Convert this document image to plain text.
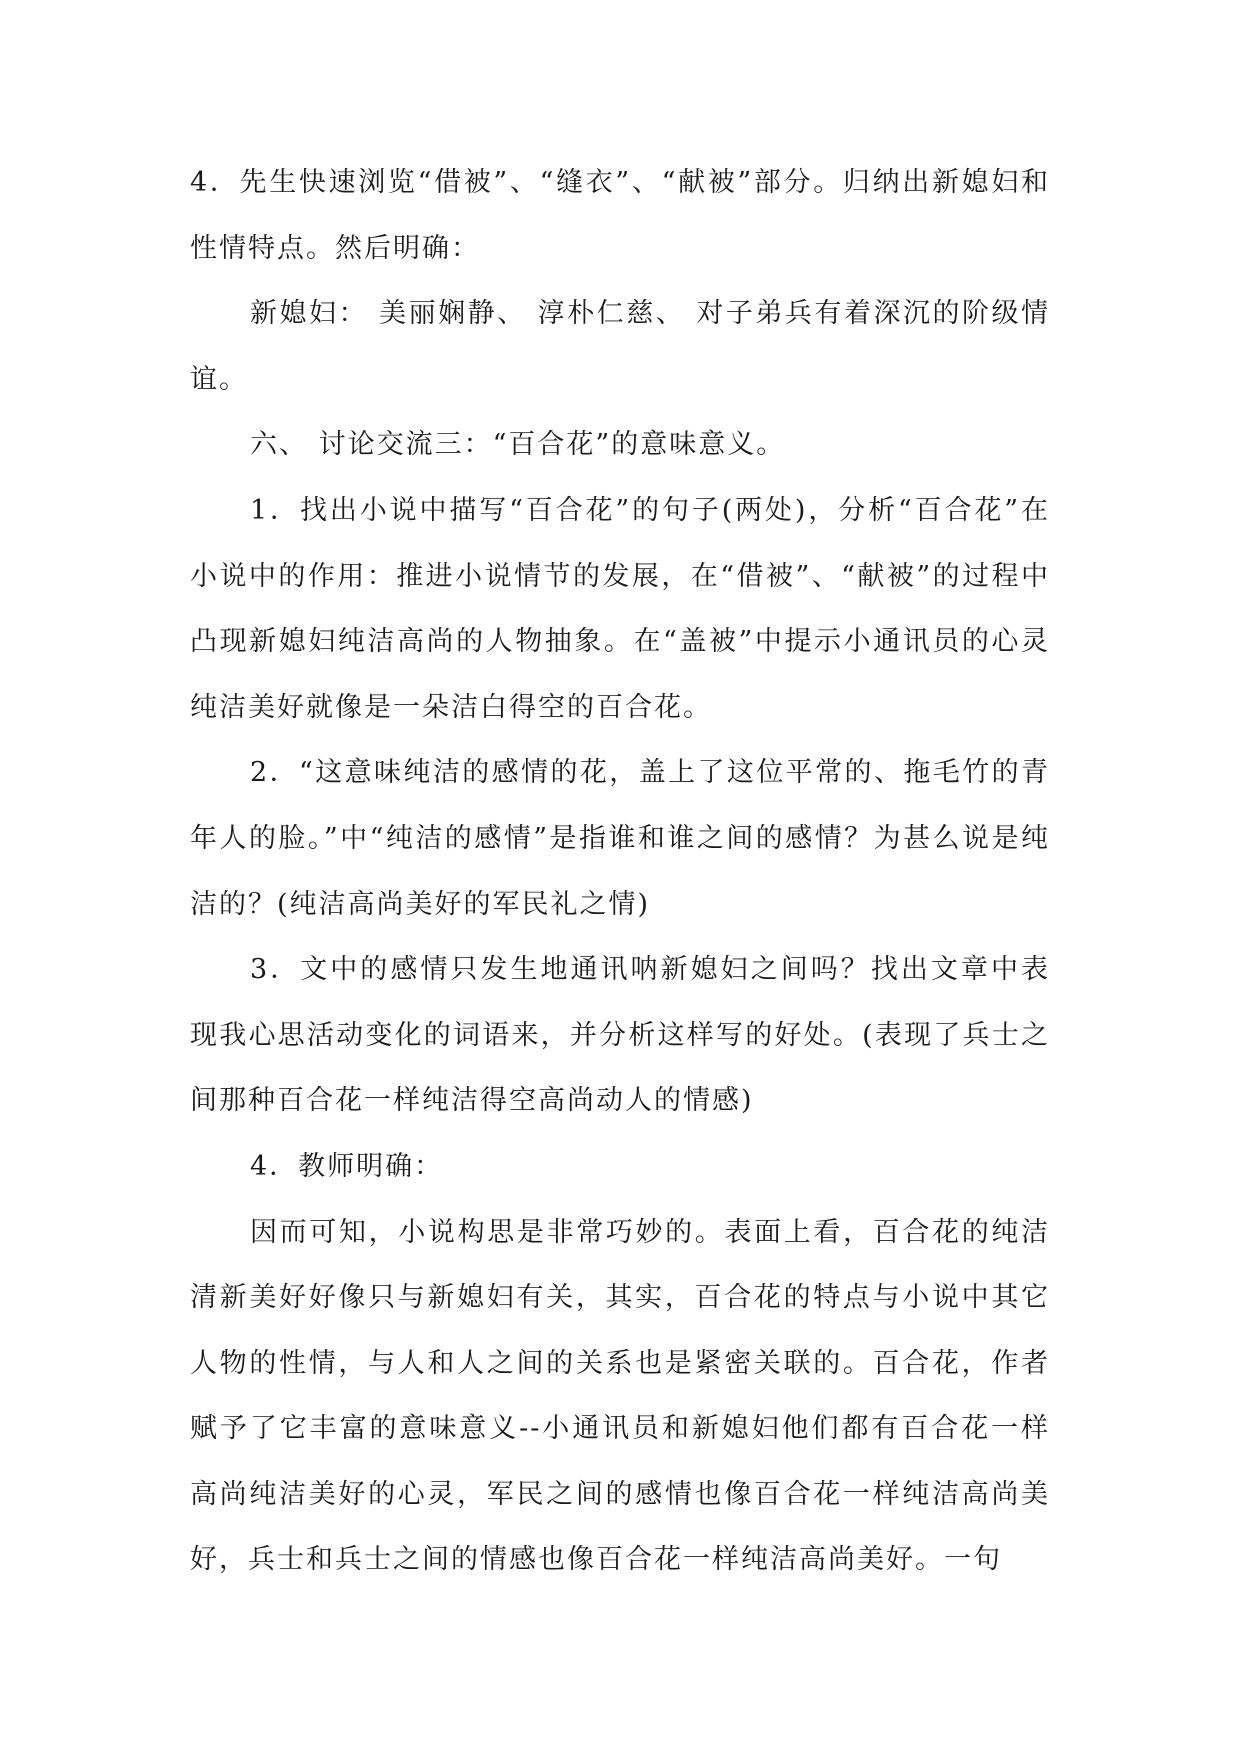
4．先生快速浏览“借被”、“缝衣”、“献被”部分。归纳出新媳妇和性情特点。然后明确：

新媳妇： 美丽娴静、 淳朴仁慈、 对子弟兵有着深沉的阶级情谊。

六、 讨论交流三：“百合花”的意味意义。

1．找出小说中描写“百合花”的句子(两处)，分析“百合花”在小说中的作用：推进小说情节的发展，在“借被”、“献被”的过程中凸现新媳妇纯洁高尚的人物抽象。在“盖被”中提示小通讯员的心灵纯洁美好就像是一朵洁白得空的百合花。

2．“这意味纯洁的感情的花，盖上了这位平常的、拖毛竹的青年人的脸。”中“纯洁的感情”是指谁和谁之间的感情？为甚么说是纯洁的？(纯洁高尚美好的军民礼之情)

3．文中的感情只发生地通讯呐新媳妇之间吗？找出文章中表现我心思活动变化的词语来，并分析这样写的好处。(表现了兵士之间那种百合花一样纯洁得空高尚动人的情感)

4．教师明确：

因而可知，小说构思是非常巧妙的。表面上看，百合花的纯洁清新美好好像只与新媳妇有关，其实，百合花的特点与小说中其它人物的性情，与人和人之间的关系也是紧密关联的。百合花，作者赋予了它丰富的意味意义--小通讯员和新媳妇他们都有百合花一样高尚纯洁美好的心灵，军民之间的感情也像百合花一样纯洁高尚美好，兵士和兵士之间的情感也像百合花一样纯洁高尚美好。一句
